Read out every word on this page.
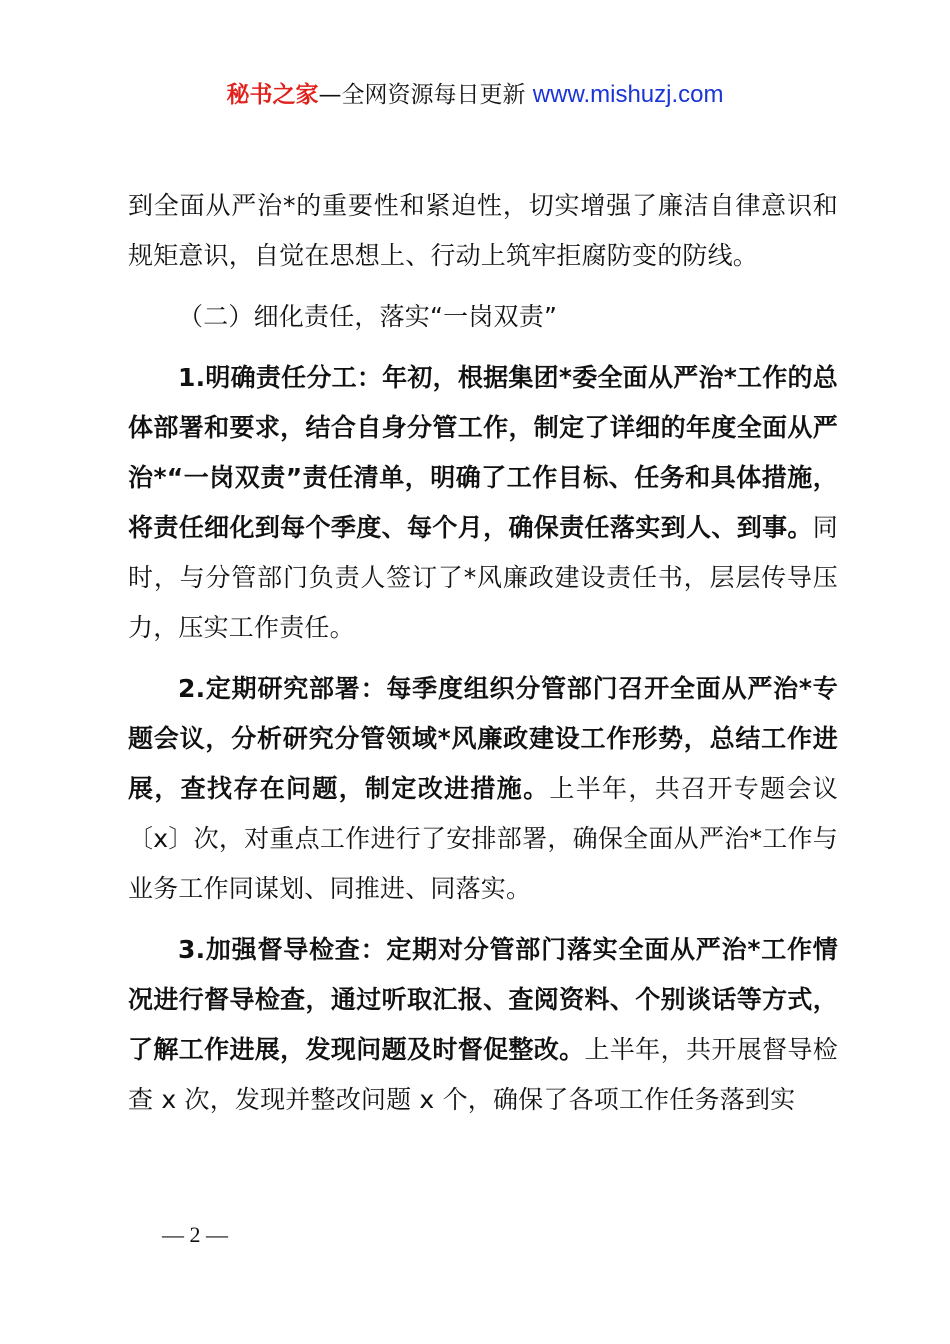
秘书之家—全网资源每日更新 www.mishuzj.com

到全面从严治*的重要性和紧迫性，切实增强了廉洁自律意识和规矩意识，自觉在思想上、行动上筑牢拒腐防变的防线。

（二）细化责任，落实“一岗双责”

1.明确责任分工：年初，根据集团*委全面从严治*工作的总体部署和要求，结合自身分管工作，制定了详细的年度全面从严治*“一岗双责”责任清单，明确了工作目标、任务和具体措施，将责任细化到每个季度、每个月，确保责任落实到人、到事。同时，与分管部门负责人签订了*风廉政建设责任书，层层传导压力，压实工作责任。

2.定期研究部署：每季度组织分管部门召开全面从严治*专题会议，分析研究分管领域*风廉政建设工作形势，总结工作进展，查找存在问题，制定改进措施。上半年，共召开专题会议〔x〕次，对重点工作进行了安排部署，确保全面从严治*工作与业务工作同谋划、同推进、同落实。

3.加强督导检查：定期对分管部门落实全面从严治*工作情况进行督导检查，通过听取汇报、查阅资料、个别谈话等方式，了解工作进展，发现问题及时督促整改。上半年，共开展督导检查 x 次，发现并整改问题 x 个，确保了各项工作任务落到实

— 2 —
